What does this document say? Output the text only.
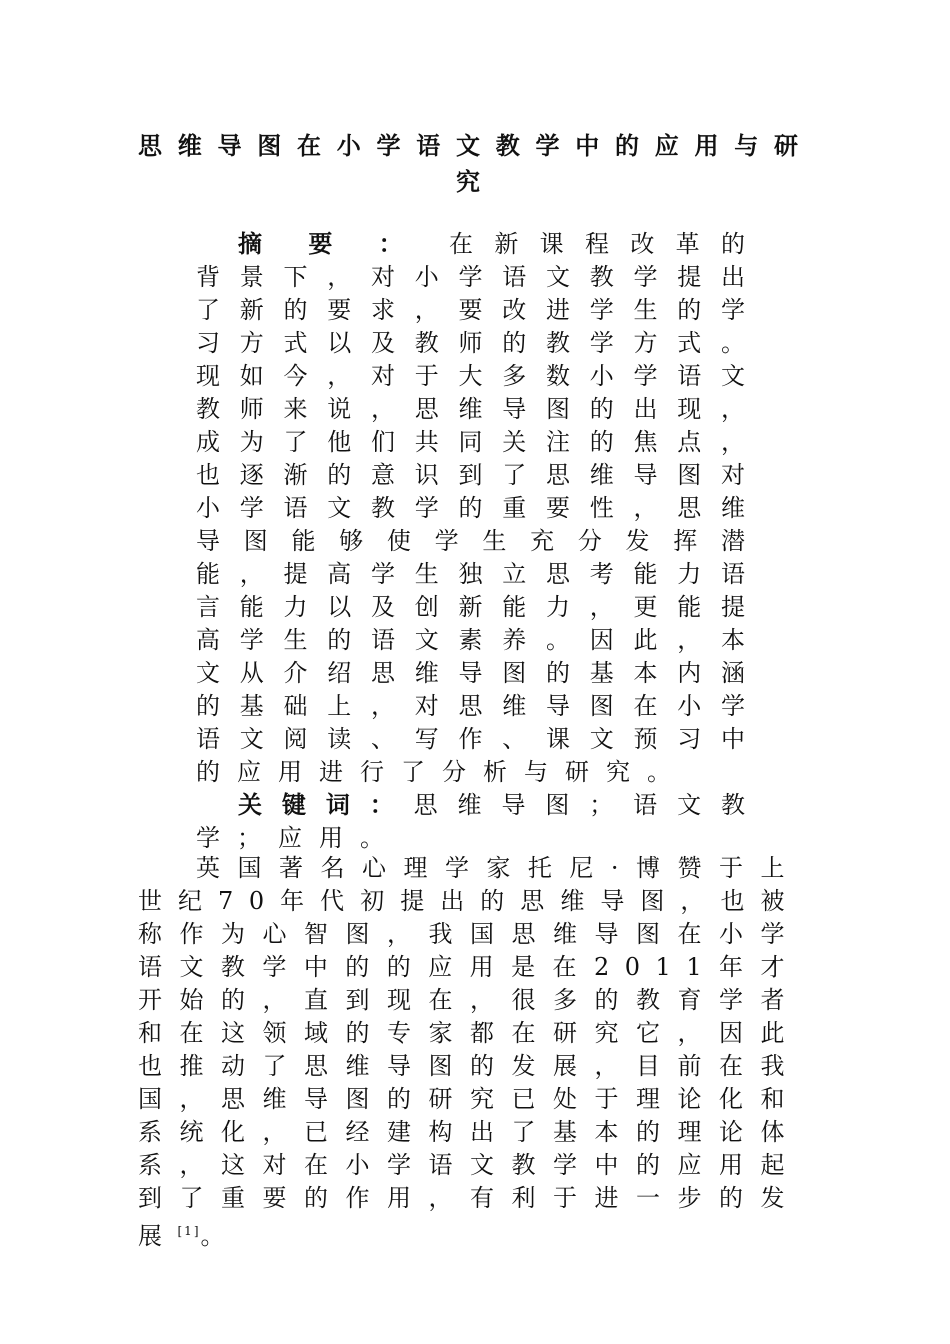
思维导图在小学语文教学中的应用与研
究

摘要：在新课程改革的背景下，对小学语文教学提出了新的要求，要改进学生的学习方式以及教师的教学方式。现如今，对于大多数小学语文教师来说，思维导图的出现，成为了他们共同关注的焦点，也逐渐的意识到了思维导图对小学语文教学的重要性，思维导图能够使学生充分发挥潜能，提高学生独立思考能力语言能力以及创新能力，更能提高学生的语文素养。因此，本文从介绍思维导图的基本内涵的基础上，对思维导图在小学语文阅读、写作、课文预习中的应用进行了分析与研究。

关键词：思维导图；语文教学；应用。

英国著名心理学家托尼·博赞于上世纪70年代初提出的思维导图，也被称作为心智图，我国思维导图在小学语文教学中的的应用是在2011年才开始的，直到现在，很多的教育学者和在这领域的专家都在研究它，因此也推动了思维导图的发展，目前在我国，思维导图的研究已处于理论化和系统化，已经建构出了基本的理论体系，这对在小学语文教学中的应用起到了重要的作用，有利于进一步的发展[1]。
